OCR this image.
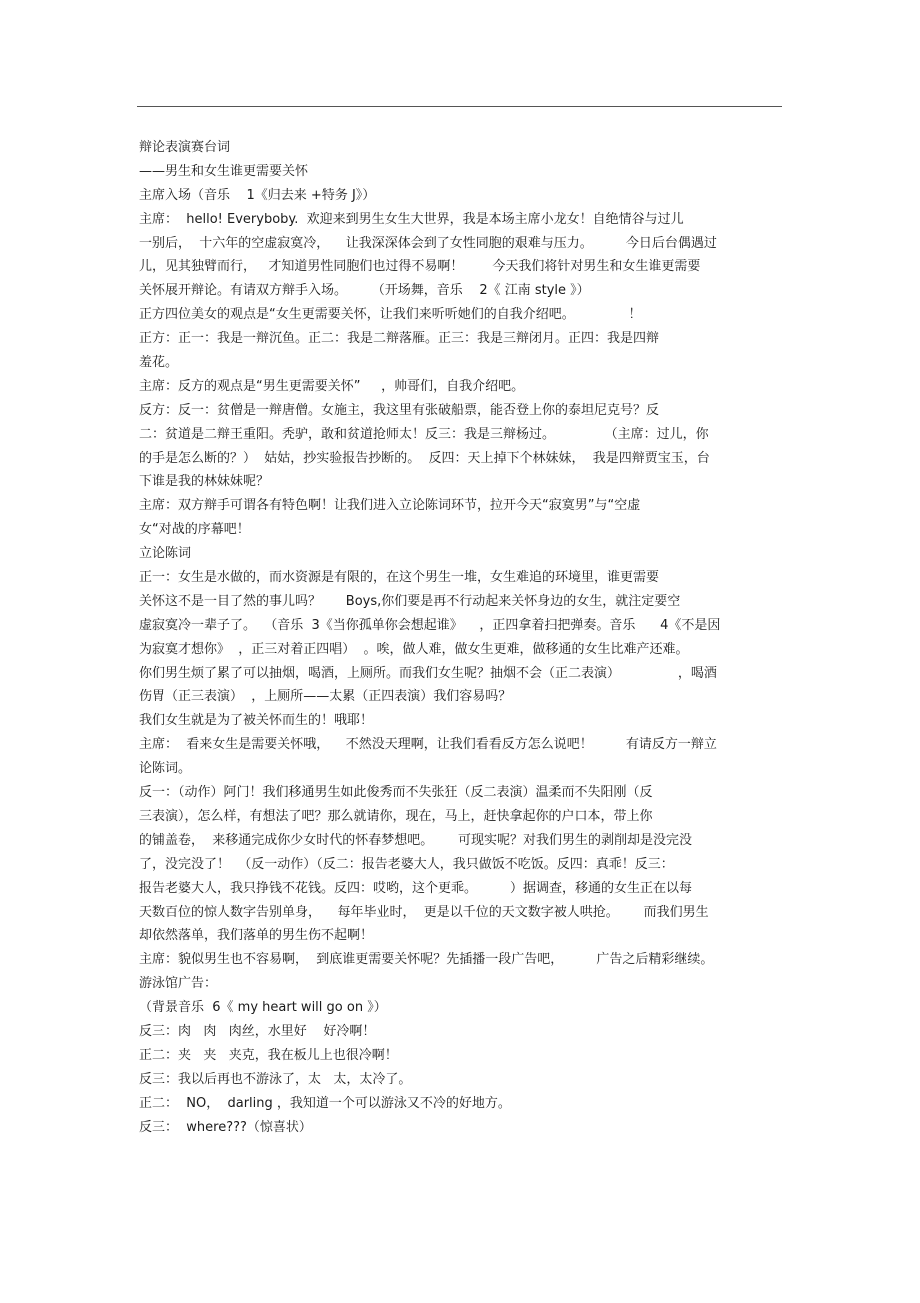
辩论表演赛台词
——男生和女生谁更需要关怀
主席入场（音乐    1《归去来 +特务 J》）
主席：  hello! Everyboby.  欢迎来到男生女生大世界，我是本场主席小龙女！自绝情谷与过儿
一别后，  十六年的空虚寂寞冷，    让我深深体会到了女性同胞的艰难与压力。        今日后台偶遇过
儿，见其独臂而行，   才知道男性同胞们也过得不易啊！       今天我们将针对男生和女生谁更需要
关怀展开辩论。有请双方辩手入场。      （开场舞，音乐    2《 江南 style 》）
正方四位美女的观点是“女生更需要关怀，让我们来听听她们的自我介绍吧。             ！
正方：正一：我是一辩沉鱼。正二：我是二辩落雁。正三：我是三辩闭月。正四：我是四辩
羞花。
主席：反方的观点是“男生更需要关怀”     ，帅哥们，自我介绍吧。
反方：反一：贫僧是一辩唐僧。女施主，我这里有张破船票，能否登上你的泰坦尼克号？反
二：贫道是二辩王重阳。秃驴，敢和贫道抢师太！反三：我是三辩杨过。            （主席：过儿，你
的手是怎么断的？）  姑姑，抄实验报告抄断的。  反四：天上掉下个林妹妹，  我是四辩贾宝玉，台
下谁是我的林妹妹呢？
主席：双方辩手可谓各有特色啊！让我们进入立论陈词环节，拉开今天“寂寞男”与“空虚
女“对战的序幕吧！
立论陈词
正一：女生是水做的，而水资源是有限的，在这个男生一堆，女生难追的环境里，谁更需要
关怀这不是一目了然的事儿吗？      Boys,你们要是再不行动起来关怀身边的女生，就注定要空
虚寂寞冷一辈子了。  （音乐  3《当你孤单你会想起谁》    ，正四拿着扫把弹奏。音乐      4《不是因
为寂寞才想你》  ，正三对着正四唱）  。唉，做人难，做女生更难，做移通的女生比难产还难。
你们男生烦了累了可以抽烟，喝酒，上厕所。而我们女生呢？抽烟不会（正二表演）              ，喝酒
伤胃（正三表演）  ，上厕所——太累（正四表演）我们容易吗？
我们女生就是为了被关怀而生的！哦耶！
主席：  看来女生是需要关怀哦，    不然没天理啊，让我们看看反方怎么说吧！        有请反方一辩立
论陈词。
反一：（动作）阿门！我们移通男生如此俊秀而不失张狂（反二表演）温柔而不失阳刚（反
三表演），怎么样，有想法了吧？那么就请你，现在，马上，赶快拿起你的户口本，带上你
的铺盖卷，  来移通完成你少女时代的怀春梦想吧。      可现实呢？对我们男生的剥削却是没完没
了，没完没了！  （反一动作）（反二：报告老婆大人，我只做饭不吃饭。反四：真乖！反三：
报告老婆大人，我只挣钱不花钱。反四：哎哟，这个更乖。        ）据调查，移通的女生正在以每
天数百位的惊人数字告别单身，    每年毕业时，  更是以千位的天文数字被人哄抢。      而我们男生
却依然落单，我们落单的男生伤不起啊！
主席：貌似男生也不容易啊，  到底谁更需要关怀呢？先插播一段广告吧，        广告之后精彩继续。
游泳馆广告：
（背景音乐  6《 my heart will go on 》）
反三：肉   肉   肉丝，水里好    好冷啊！
正二：夹   夹   夹克，我在板儿上也很冷啊！
反三：我以后再也不游泳了，太   太，太冷了。
正二：  NO，  darling ，我知道一个可以游泳又不冷的好地方。
反三：  where???（惊喜状）
